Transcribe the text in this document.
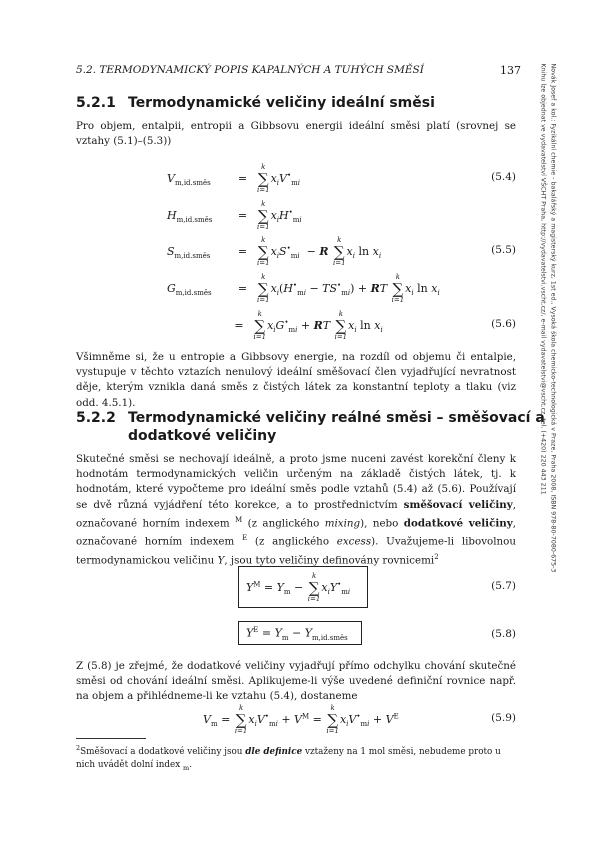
5.2. TERMODYNAMICKÝ POPIS KAPALNÝCH A TUHÝCH SMĚSÍ	137
5.2.1 Termodynamické veličiny ideální směsi

Pro objem, entalpii, entropii a Gibbsovu energii ideální směsi platí (srovnej se vztahy (5.1)–(5.3))

$V_{m,id.směs}$ =
k
∑
i=1
$x_iV^•_{mi}$
(5.4)
$H_{m,id.směs}$ =
k
∑
i=1
$x_iH^•_{mi}$
$S_{m,id.směs}$	=
k
∑
i=1
$x_iS^•_{mi} - R$
k
∑
i=1
$x_i$ $\ln x_i$
(5.5)
$G_{m,id.směs}$ =
k
∑
i=1
$x_i(H^•_{mi} - TS^•_{mi})$ + RT
k
∑
i=1
$x_i$ $\ln x_i$
=
k
∑
i=1
$x_iG^•_{mi}$ + RT
k
∑
i=1
$x_i$ $\ln x_i$
(5.6)

Všimněme si, že u entropie a Gibbsovy energie, na rozdíl od objemu či entalpie, vystupuje v těchto vztazích nenulový ideální směšovací člen vyjadřující nevratnost děje, kterým vznikla daná směs z čistých látek za konstantní teploty a tlaku (viz odd. 4.5.1).

5.2.2 Termodynamické veličiny reálné směsi – směšovací a
dodatkové veličiny

Skutečné směsi se nechovají ideálně, a proto jsme nuceni zavést korekční členy k hodnotám termodynamických veličin určeným na základě čistých látek, tj. k hodnotám, které vypočteme pro ideální směs podle vztahů (5.4) až (5.6). Používají se dvě různá vyjádření této korekce, a to prostřednictvím směšovací veličiny, označované horním indexem $^M$ (z anglického mixing), nebo dodatkové veličiny, označované horním indexem $^E$ (z anglického excess). Uvažujeme-li libovolnou termodynamickou veličinu Y, jsou tyto veličiny definovány rovnicemi$^2$

$Y^M = Y_m$ −
k
∑
i=1
$x_iY^•_{mi}$
(5.7)
$Y^E = Y_m - Y_{m,id.směs}$	(5.8)

Z (5.8) je zřejmé, že dodatkové veličiny vyjadřují přímo odchylku chování skutečné směsi od chování ideální směsi. Aplikujeme-li výše uvedené definiční rovnice např. na objem a přihlédneme-li ke vztahu (5.4), dostaneme

$V_m$ =
k
∑
i=1
$x_iV^•_{mi} + V^M$ =
k
∑
i=1
$x_iV^•_{mi} + V^E$	(5.9)
$^2$Směšovací a dodatkové veličiny jsou dle definice vztaženy na 1 mol směsi, nebudeme proto u nich uvádět dolní index $_m$.
Novák Josef a kol.: Fyzikální chemie - bakalářský a magisterský kurz, 1st ed., Vysoká škola chemicko-technologická v Praze, Praha 2008, ISBN 978-80-7080-675-3
Knihu lze objednat ve vydavatelství VŠCHT Praha, http://vydavatelstvi.vscht.cz/, e-mail vydavatelstvi@vscht.cz, tel. (+420) 220 443 211
